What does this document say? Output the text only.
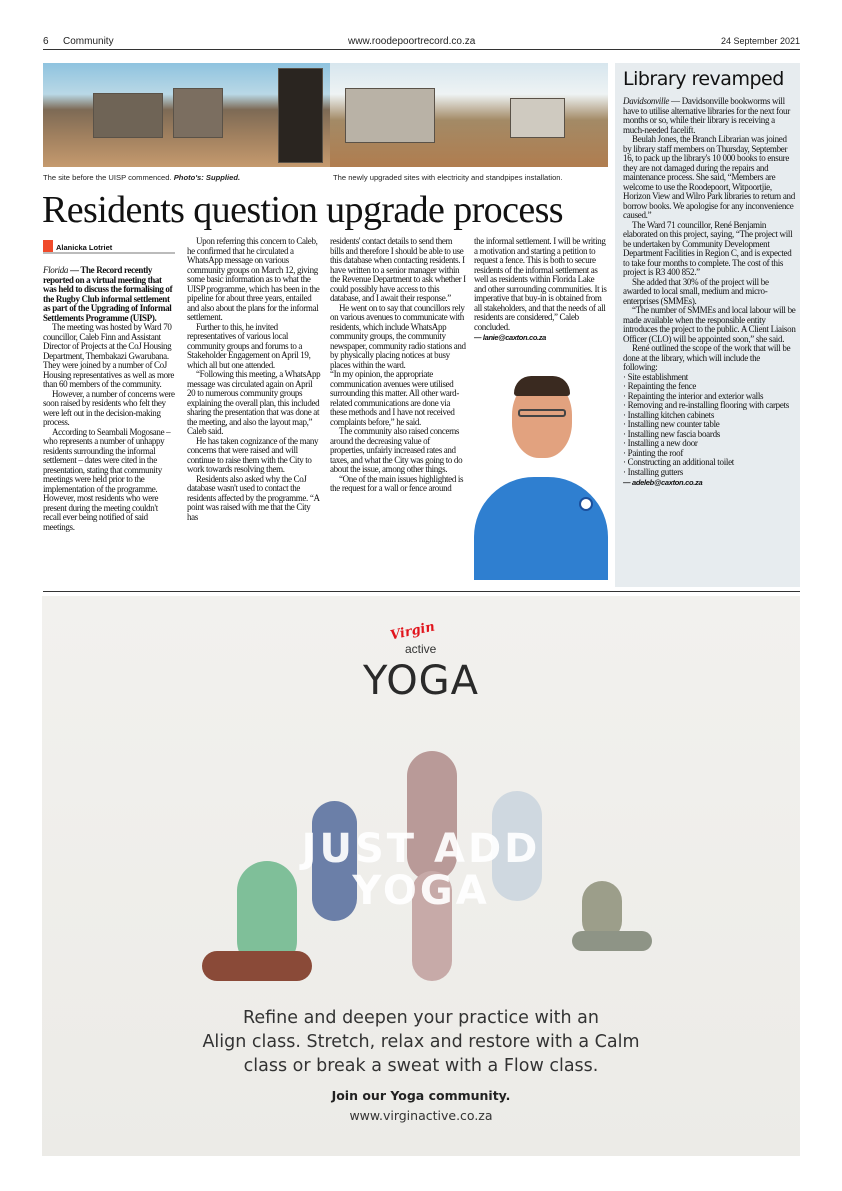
6 Community	www.roodepoortrecord.co.za	24 September 2021
The site before the UISP commenced. Photo's: Supplied.	The newly upgraded sites with electricity and standpipes installation.
Residents question upgrade process
Alanicka Lotriet

Florida — The Record recently reported on a virtual meeting that was held to discuss the formalising of the Rugby Club informal settlement as part of the Upgrading of Informal Settlements Programme (UISP).

The meeting was hosted by Ward 70 councillor, Caleb Finn and Assistant Director of Projects at the CoJ Housing Department, Thembakazi Gwarubana. They were joined by a number of CoJ Housing representatives as well as more than 60 members of the community.

However, a number of concerns were soon raised by residents who felt they were left out in the decision-making process.

According to Seambali Mogosane – who represents a number of unhappy residents surrounding the informal settlement – dates were cited in the presentation, stating that community meetings were held prior to the implementation of the programme. However, most residents who were present during the meeting couldn't recall ever being notified of said meetings.

Upon referring this concern to Caleb, he confirmed that he circulated a WhatsApp message on various community groups on March 12, giving some basic information as to what the UISP programme, which has been in the pipeline for about three years, entailed and also about the plans for the informal settlement.

Further to this, he invited representatives of various local community groups and forums to a Stakeholder Engagement on April 19, which all but one attended.

“Following this meeting, a WhatsApp message was circulated again on April 20 to numerous community groups explaining the overall plan, this included sharing the presentation that was done at the meeting, and also the layout map,” Caleb said.

He has taken cognizance of the many concerns that were raised and will continue to raise them with the City to work towards resolving them.

Residents also asked why the CoJ database wasn't used to contact the residents affected by the programme. “A point was raised with me that the City has

residents' contact details to send them bills and therefore I should be able to use this database when contacting residents. I have written to a senior manager within the Revenue Department to ask whether I could possibly have access to this database, and I await their response.”

He went on to say that councillors rely on various avenues to communicate with residents, which include WhatsApp community groups, the community newspaper, community radio stations and by physically placing notices at busy places within the ward.

“In my opinion, the appropriate communication avenues were utilised surrounding this matter. All other ward-related communications are done via these methods and I have not received complaints before,” he said.

The community also raised concerns around the decreasing value of properties, unfairly increased rates and taxes, and what the City was going to do about the issue, among other things.

“One of the main issues highlighted is the request for a wall or fence around

the informal settlement. I will be writing a motivation and starting a petition to request a fence. This is both to secure residents of the informal settlement as well as residents within Florida Lake and other surrounding communities. It is imperative that buy-in is obtained from all stakeholders, and that the needs of all residents are considered,” Caleb concluded.

— lanie@caxton.co.za
Library revamped

Davidsonville — Davidsonville bookworms will have to utilise alternative libraries for the next four months or so, while their library is receiving a much-needed facelift.

Beulah Jones, the Branch Librarian was joined by library staff members on Thursday, September 16, to pack up the library's 10 000 books to ensure they are not damaged during the repairs and maintenance process. She said, “Members are welcome to use the Roodepoort, Witpoortjie, Horizon View and Wilro Park libraries to return and borrow books. We apologise for any inconvenience caused.”

The Ward 71 councillor, René Benjamin elaborated on this project, saying, “The project will be undertaken by Community Development Department Facilities in Region C, and is expected to take four months to complete. The cost of this project is R3 400 852.”

She added that 30% of the project will be awarded to local small, medium and micro-enterprises (SMMEs).

“The number of SMMEs and local labour will be made available when the responsible entity introduces the project to the public. A Client Liaison Officer (CLO) will be appointed soon,” she said.

René outlined the scope of the work that will be done at the library, which will include the following:

· Site establishment
· Repainting the fence
· Repainting the interior and exterior walls
· Removing and re-installing flooring with carpets
· Installing kitchen cabinets
· Installing new counter table
· Installing new fascia boards
· Installing a new door
· Painting the roof
· Constructing an additional toilet
· Installing gutters
— adeleb@caxton.co.za
Virgin
active
YOGA
JUST ADD
YOGA
Refine and deepen your practice with an
Align class. Stretch, relax and restore with a Calm
class or break a sweat with a Flow class.
Join our Yoga community.
www.virginactive.co.za
